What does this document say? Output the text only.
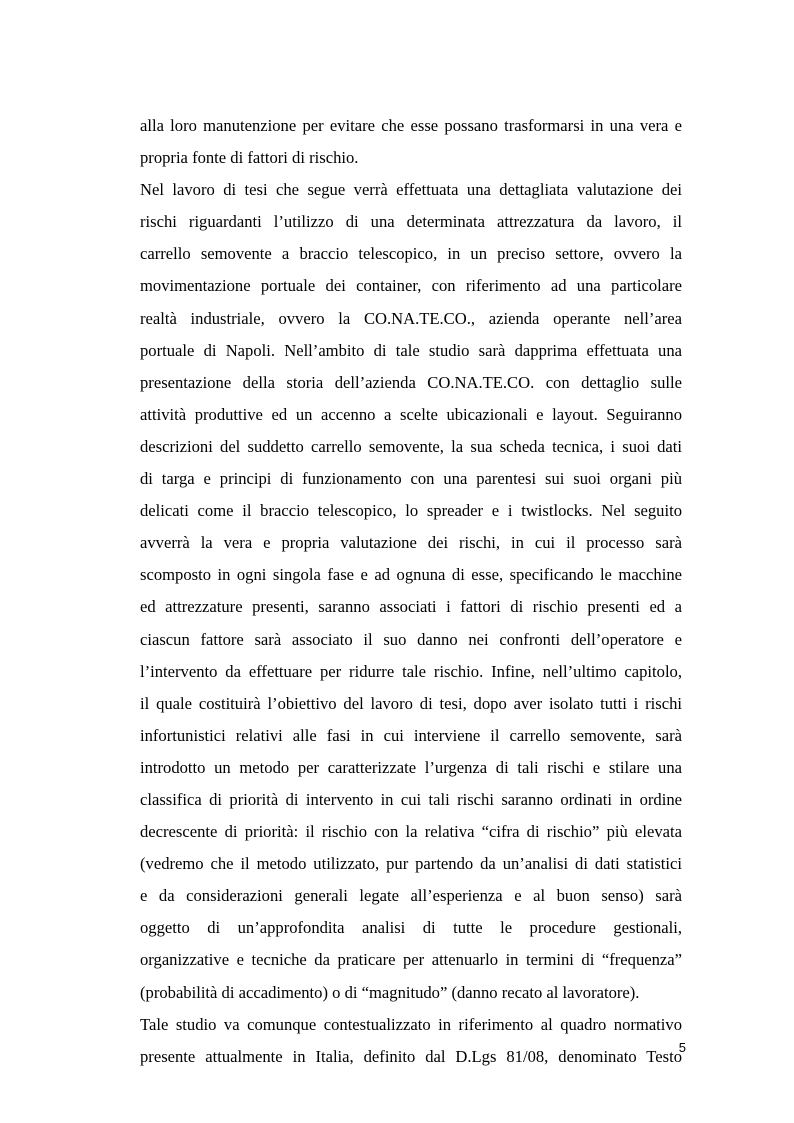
alla loro manutenzione per evitare che esse possano trasformarsi in una vera e
propria fonte di fattori di rischio.
Nel lavoro di tesi che segue verrà effettuata una dettagliata valutazione dei
rischi riguardanti l’utilizzo di una determinata attrezzatura da lavoro, il
carrello semovente a braccio telescopico, in un preciso settore, ovvero la
movimentazione portuale dei container, con riferimento ad una particolare
realtà industriale, ovvero la CO.NA.TE.CO., azienda operante nell’area
portuale di Napoli. Nell’ambito di tale studio sarà dapprima effettuata una
presentazione della storia dell’azienda CO.NA.TE.CO. con dettaglio sulle
attività produttive ed un accenno a scelte ubicazionali e layout. Seguiranno
descrizioni del suddetto carrello semovente, la sua scheda tecnica, i suoi dati
di targa e principi di funzionamento con una parentesi sui suoi organi più
delicati come il braccio telescopico, lo spreader e i twistlocks. Nel seguito
avverrà la vera e propria valutazione dei rischi, in cui il processo sarà
scomposto in ogni singola fase e ad ognuna di esse, specificando le macchine
ed attrezzature presenti, saranno associati i fattori di rischio presenti ed a
ciascun fattore sarà associato il suo danno nei confronti dell’operatore e
l’intervento da effettuare per ridurre tale rischio. Infine, nell’ultimo capitolo,
il quale costituirà l’obiettivo del lavoro di tesi, dopo aver isolato tutti i rischi
infortunistici relativi alle fasi in cui interviene il carrello semovente, sarà
introdotto un metodo per caratterizzate l’urgenza di tali rischi e stilare una
classifica di priorità di intervento in cui tali rischi saranno ordinati in ordine
decrescente di priorità: il rischio con la relativa “cifra di rischio” più elevata
(vedremo che il metodo utilizzato, pur partendo da un’analisi di dati statistici
e da considerazioni generali legate all’esperienza e al buon senso) sarà
oggetto di un’approfondita analisi di tutte le procedure gestionali,
organizzative e tecniche da praticare per attenuarlo in termini di “frequenza”
(probabilità di accadimento) o di “magnitudo” (danno recato al lavoratore).
Tale studio va comunque contestualizzato in riferimento al quadro normativo
presente attualmente in Italia, definito dal D.Lgs 81/08, denominato Testo
5
